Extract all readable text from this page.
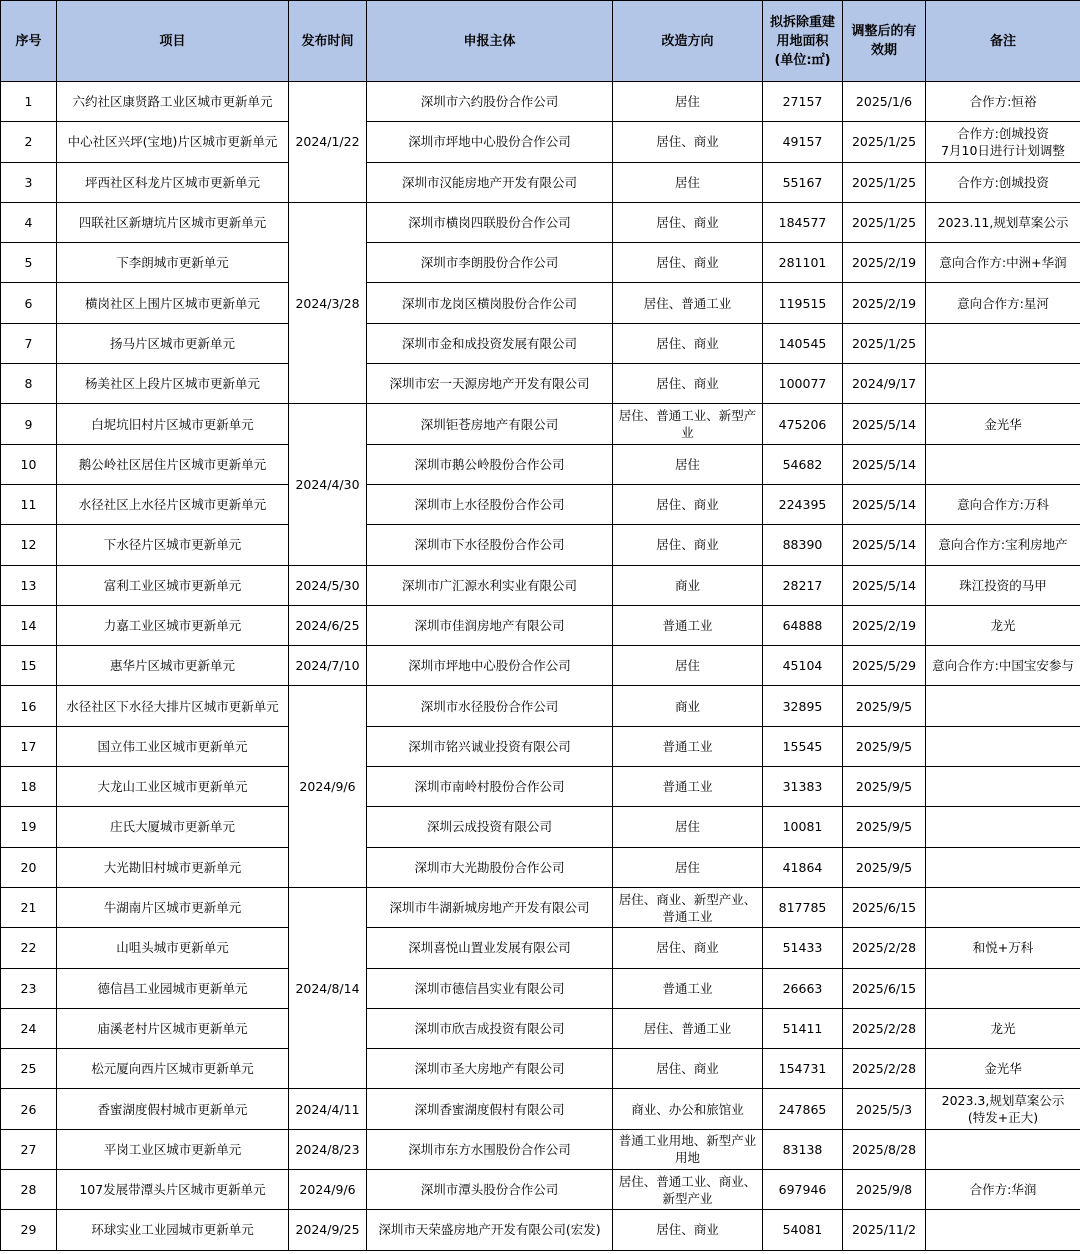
序号	项目	发布时间	申报主体	改造方向	拟拆除重建
用地面积
(单位:㎡)	调整后的有
效期	备注
1	六约社区康贤路工业区城市更新单元	2024/1/22	深圳市六约股份合作公司	居住	27157	2025/1/6	合作方:恒裕
2	中心社区兴坪(宝地)片区城市更新单元		深圳市坪地中心股份合作公司	居住、商业	49157	2025/1/25	合作方:创城投资
7月10日进行计划调整
3	坪西社区科龙片区城市更新单元		深圳市汉能房地产开发有限公司	居住	55167	2025/1/25	合作方:创城投资
4	四联社区新塘坑片区城市更新单元	2024/3/28	深圳市横岗四联股份合作公司	居住、商业	184577	2025/1/25	2023.11,规划草案公示
5	下李朗城市更新单元		深圳市李朗股份合作公司	居住、商业	281101	2025/2/19	意向合作方:中洲+华润
6	横岗社区上围片区城市更新单元		深圳市龙岗区横岗股份合作公司	居住、普通工业	119515	2025/2/19	意向合作方:星河
7	扬马片区城市更新单元		深圳市金和成投资发展有限公司	居住、商业	140545	2025/1/25	
8	杨美社区上段片区城市更新单元		深圳市宏一天源房地产开发有限公司	居住、商业	100077	2024/9/17	
9	白坭坑旧村片区城市更新单元	2024/4/30	深圳钜苍房地产有限公司	居住、普通工业、新型产业	475206	2025/5/14	金光华
10	鹅公岭社区居住片区城市更新单元		深圳市鹅公岭股份合作公司	居住	54682	2025/5/14	
11	水径社区上水径片区城市更新单元		深圳市上水径股份合作公司	居住、商业	224395	2025/5/14	意向合作方:万科
12	下水径片区城市更新单元		深圳市下水径股份合作公司	居住、商业	88390	2025/5/14	意向合作方:宝利房地产
13	富利工业区城市更新单元	2024/5/30	深圳市广汇源水利实业有限公司	商业	28217	2025/5/14	珠江投资的马甲
14	力嘉工业区城市更新单元	2024/6/25	深圳市佳润房地产有限公司	普通工业	64888	2025/2/19	龙光
15	惠华片区城市更新单元	2024/7/10	深圳市坪地中心股份合作公司	居住	45104	2025/5/29	意向合作方:中国宝安参与
16	水径社区下水径大排片区城市更新单元	2024/9/6	深圳市水径股份合作公司	商业	32895	2025/9/5	
17	国立伟工业区城市更新单元		深圳市铭兴诚业投资有限公司	普通工业	15545	2025/9/5	
18	大龙山工业区城市更新单元		深圳市南岭村股份合作公司	普通工业	31383	2025/9/5	
19	庄氏大厦城市更新单元		深圳云成投资有限公司	居住	10081	2025/9/5	
20	大光勘旧村城市更新单元		深圳市大光勘股份合作公司	居住	41864	2025/9/5	
21	牛湖南片区城市更新单元	2024/8/14	深圳市牛湖新城房地产开发有限公司	居住、商业、新型产业、普通工业	817785	2025/6/15	
22	山咀头城市更新单元		深圳喜悦山置业发展有限公司	居住、商业	51433	2025/2/28	和悦+万科
23	德信昌工业园城市更新单元		深圳市德信昌实业有限公司	普通工业	26663	2025/6/15	
24	庙溪老村片区城市更新单元		深圳市欣吉成投资有限公司	居住、普通工业	51411	2025/2/28	龙光
25	松元厦向西片区城市更新单元		深圳市圣大房地产有限公司	居住、商业	154731	2025/2/28	金光华
26	香蜜湖度假村城市更新单元	2024/4/11	深圳香蜜湖度假村有限公司	商业、办公和旅馆业	247865	2025/5/3	2023.3,规划草案公示
(特发+正大)
27	平岗工业区城市更新单元	2024/8/23	深圳市东方水围股份合作公司	普通工业用地、新型产业用地	83138	2025/8/28	
28	107发展带潭头片区城市更新单元	2024/9/6	深圳市潭头股份合作公司	居住、普通工业、商业、新型产业	697946	2025/9/8	合作方:华润
29	环球实业工业园城市更新单元	2024/9/25	深圳市天荣盛房地产开发有限公司(宏发)	居住、商业	54081	2025/11/2	
